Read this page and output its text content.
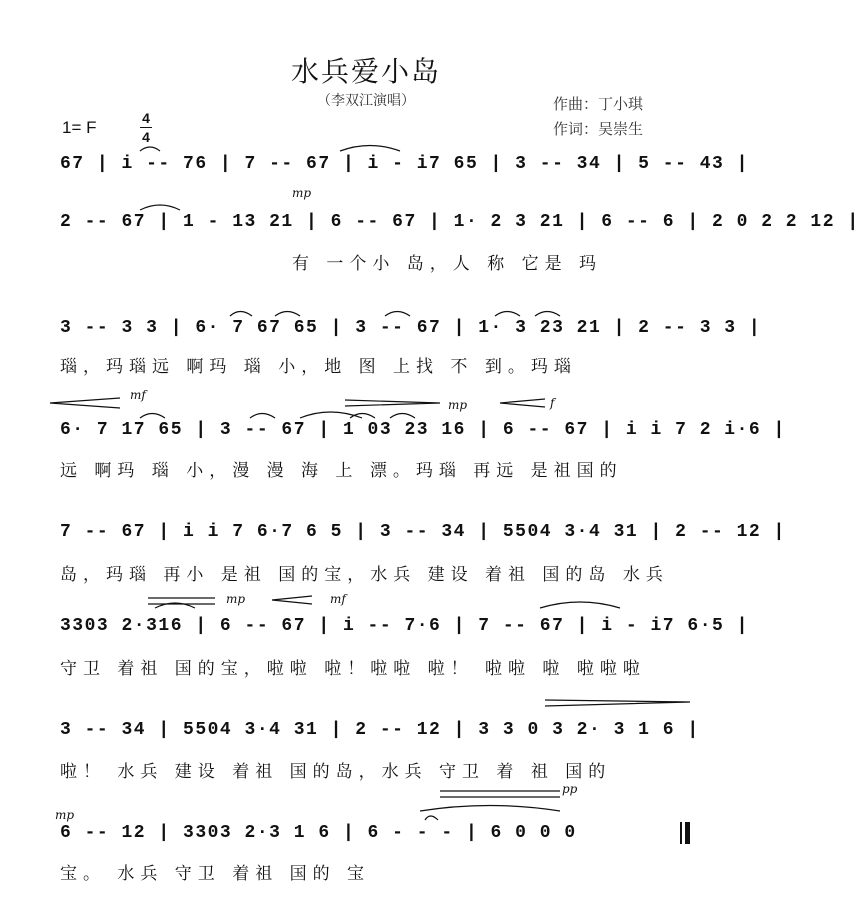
水兵爱小岛
（李双江演唱）
1= F	4
4
作曲：丁小琪
作词：吴崇生
67 | i -- 76 | 7 -- 67 | i - i7 65 | 3 -- 34 | 5 -- 43 |
2 -- 67 | 1 - 13 21 | 6 -- 67 | 1· 2 3 21 | 6 -- 6 | 2 0 2 2 12 |
有 一个小 岛，人 称 它是 玛
3 -- 3 3 | 6· 7 67 65 | 3 -- 67 | 1· 3 23 21 | 2 -- 3 3 |
瑙，玛瑙远 啊玛 瑙 小，地 图 上找 不 到。玛瑙
6· 7 17 65 | 3 -- 67 | 1 03 23 16 | 6 -- 67 | i i 7 2 i·6 |
远 啊玛 瑙 小，漫 漫 海 上 漂。玛瑙 再远 是祖国的
7 -- 67 | i i 7 6·7 6 5 | 3 -- 34 | 5504 3·4 31 | 2 -- 12 |
岛，玛瑙 再小 是祖 国的宝，水兵 建设 着祖 国的岛 水兵
3303 2·316 | 6 -- 67 | i -- 7·6 | 7 -- 67 | i - i7 6·5 |
守卫 着祖 国的宝，啦啦 啦！啦啦 啦！ 啦啦 啦 啦啦啦
3 -- 34 | 5504 3·4 31 | 2 -- 12 | 3 3 0 3 2· 3 1 6 |
啦！ 水兵 建设 着祖 国的岛，水兵 守卫 着 祖 国的
6 -- 12 | 3303 2·3 1 6 | 6 - - - | 6 0 0 0
宝。 水兵 守卫 着祖 国的 宝
mp
mf
mp	f
mp	mf
pp
mp
